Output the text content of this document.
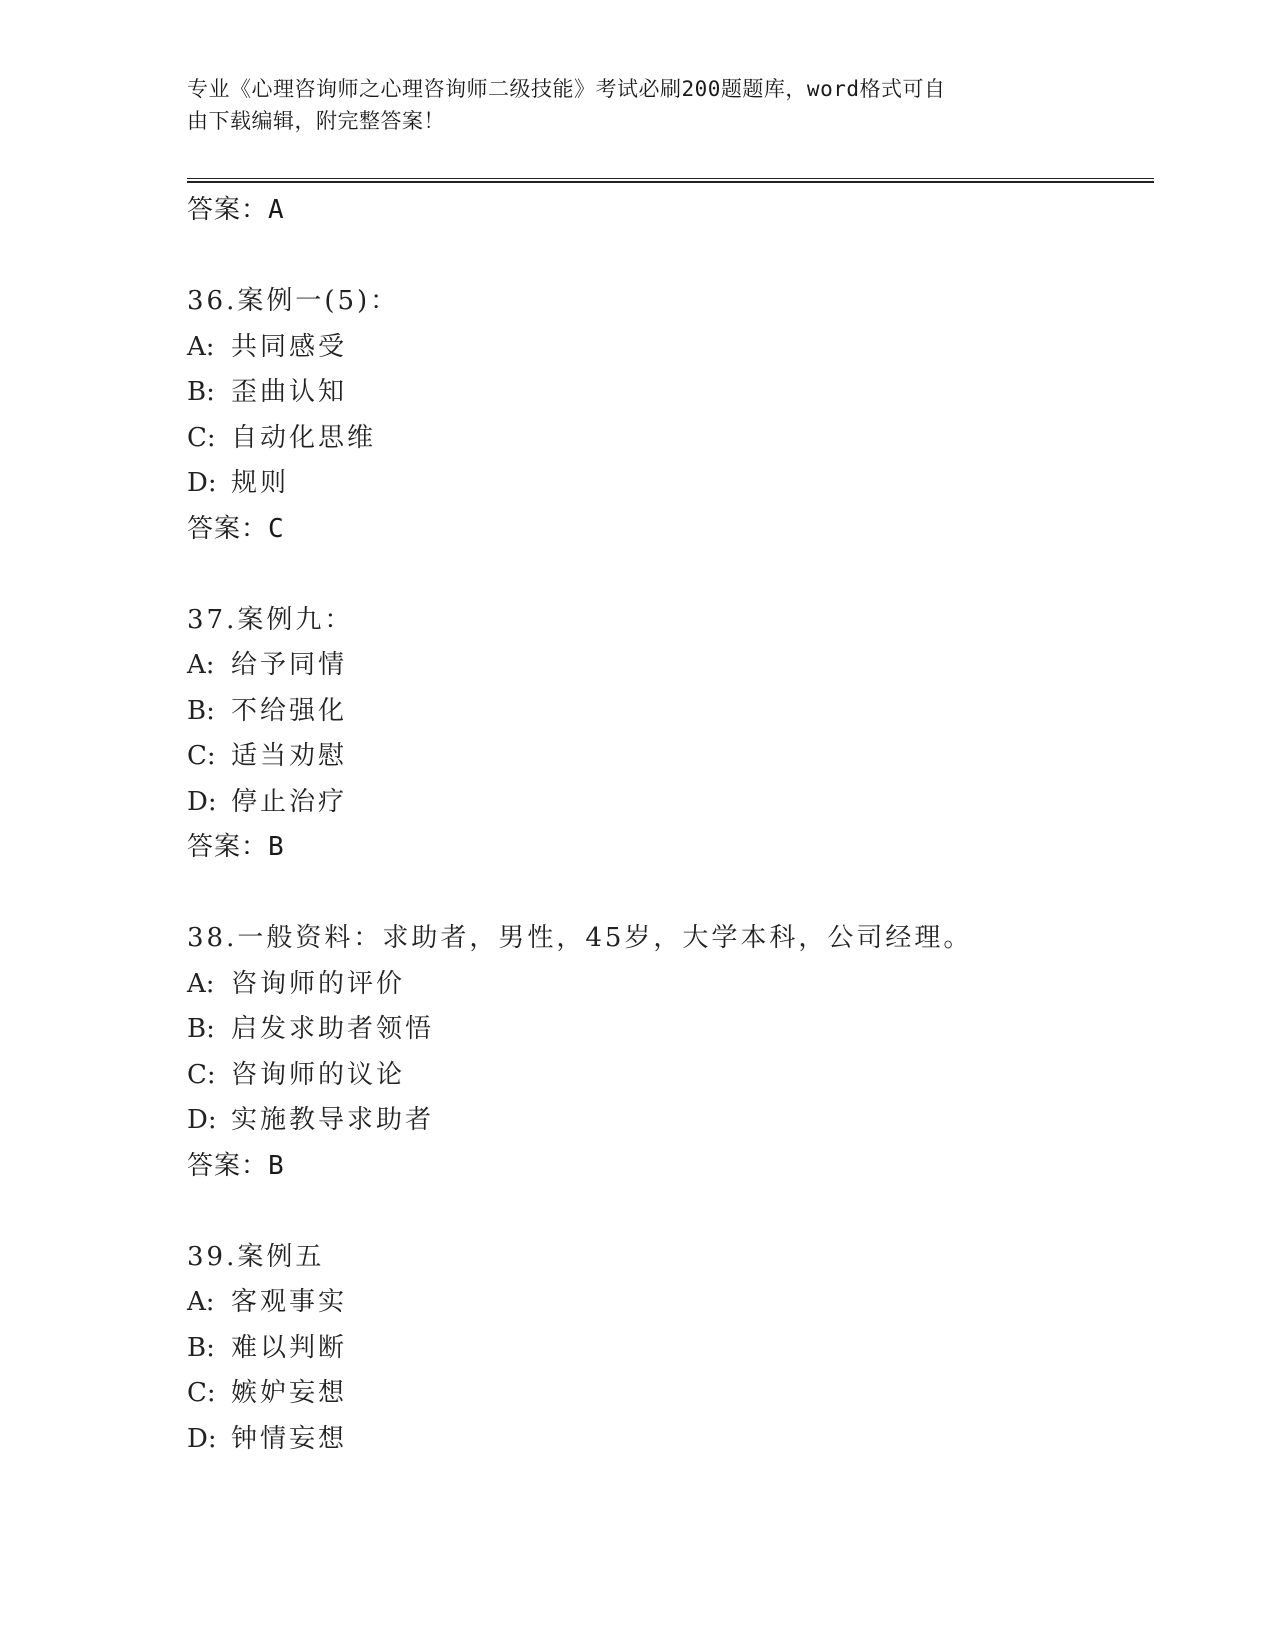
专业《心理咨询师之心理咨询师二级技能》考试必刷200题题库，word格式可自
由下载编辑，附完整答案！
答案：A
36.案例一(5)：
A: 共同感受
B: 歪曲认知
C: 自动化思维
D: 规则
答案：C
37.案例九：
A: 给予同情
B: 不给强化
C: 适当劝慰
D: 停止治疗
答案：B
38.一般资料：求助者，男性，45岁，大学本科，公司经理。
A: 咨询师的评价
B: 启发求助者领悟
C: 咨询师的议论
D: 实施教导求助者
答案：B
39.案例五
A: 客观事实
B: 难以判断
C: 嫉妒妄想
D: 钟情妄想
